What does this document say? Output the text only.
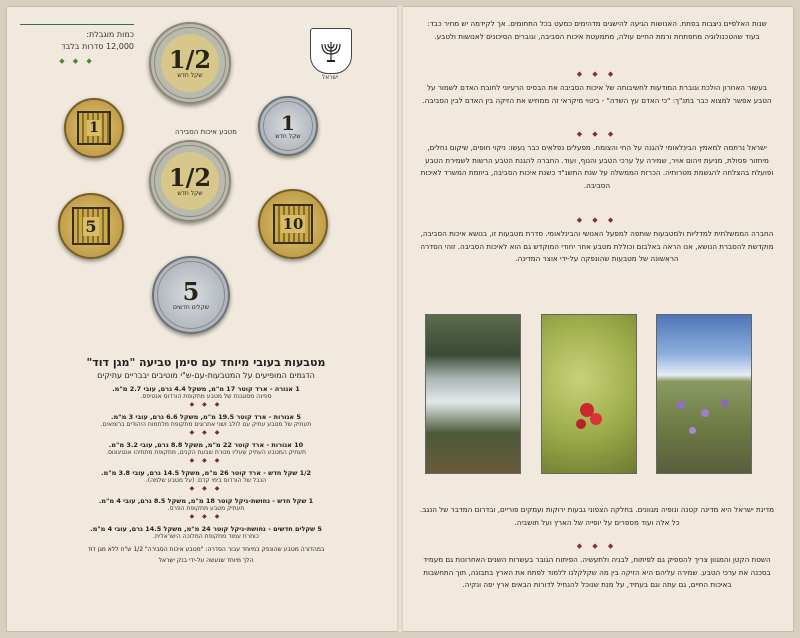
כמות מוגבלת:
12,000 סדרות בלבד
◆ ◆ ◆
ישראל
1/2
שקל חדש
1	1
שקל חדש
מטבע איכות הסבירה
1/2
שקל חדש
5	10
5
שקלים חדשים
מטבעות בעובי מיוחד עם סימן טביעה "מגן דוד"
הדגמים המופיעים על המטבעות-עם-ש"י מוטיבים יבבריים עתיקים
1 אגורה - ארד קוטר 17 מ"מ, משקל 4.4 גרם, עובי 2.7 מ"מ.
ספינה מסוגננת של מטבע מתקופת הורדוס אנטיפס.
◆ ◆ ◆
5 אגורות - ארד קוטר 19.5 מ"מ, משקל 6.6 גרם, עובי 3 מ"מ.
תעתיק של מטבע עתיק עם לולב ושני אתרוגים מתקופת מלחמות היהודים ברומאים.
◆ ◆ ◆
10 אגורות - ארד קוטר 22 מ"מ, משקל 8.8 גרם, עובי 3.2 מ"מ.
תעתיק המטבע העתיק שעליו מנורת שבעת הקנים, מתקופת מתתיהו אנטיגונוס.
◆ ◆ ◆
1/2 שקל חדש - ארד קוטר 26 מ"מ, משקל 14.5 גרם, עובי 3.8 מ"מ.
הנבל של הורדוס בימי קדם. (על מטבע שלמה).
◆ ◆ ◆
1 שקל חדש - נחושת-ניקל קוטר 18 מ"מ, משקל 8.5 גרם, עובי 4 מ"מ.
תעתיק מטבע מתקופת הפרס.
◆ ◆ ◆
5 שקלים חדשים - נחושת-ניקל קוטר 24 מ"מ, משקל 14.5 גרם, עובי 4 מ"מ.
כותרת עמוד מתקופת המלוכה הישראלית.
במהדורה מטבע שהונפק במיוחד עבור הסדרה: "מטבע איכות הסבירה" 1/2 ש"ח ללא מגן דוד
הלך מיוחד שנעשה על-ידי בנק ישראל
שנות האלפיים ניצבות בפתח. האנושות הגיעה להישגים מדהימים כמעט בכל התחומים. אך לקידמה יש מחיר כבד: בעוד שהטכנולוגיה מתפתחת ורמת החיים עולה, מתמעטת איכות הסביבה, וגוברים הסיכונים לאנושות ולטבע.
◆ ◆ ◆
בעשור האחרון הולכת וגוברת המודעות לחשיבותה של איכות הסביבה את הבסיס הרעיוני לחובת האדם לשמור על הטבע אפשר למצוא כבר בתנ"ך: "כי האדם עץ השדה" - ביטוי מיקראי זה ממחיש את הזיקה בין האדם לבין הסביבה.
◆ ◆ ◆
ישראל נרתמה למאמץ הבינלאומי להגנה על החי והצומח. מפעלים נפלאים כבר נעשו: ניקוי חופים, שיקום נחלים, מיחזור פסולת, מניעת זיהום אויר, שמירה על ערכי הטבע והנוף, ועוד. החברה להגנת הטבע הרשות לשמירת הטבע ופועלת בהצלחה להגשמת מטרותיה. הכרזת הממשלה על שנת התשנ"ד כשנת איכות הסביבה, ביוזמת המשרד לאיכות הסביבה.
◆ ◆ ◆
החברה הממשלתית למדליות ולמטבעות שותפה למפעל האנושי והבינלאומי. סדרת מטבעות זו, בנושא איכות הסביבה, מוקדשת להסברת הנושא, אנו הראה באלבום וכוללת מטבע אחר יחודי המוקדש גם הוא לאיכות הסביבה. זוהי הסדרה הראשונה של מטבעות שהונפקה על-ידי אוצר המדינה.
מדינת ישראל היא מדינה קטנה ונופיה מגוונים. בחלקה הצפוני גבעות ירוקות ועמקים פוריים, ובדרום המדבר של הנגב. כל אלה ועוד מספרים על יופייה של הארץ ועל תושביה.
◆ ◆ ◆
השטח הקטן והמגוון צריך להספיק גם לפיתוח, לבניה ולתעשיה. הפיתוח הגובר בעשרות השנים האחרונות גם מעמיד בסכנה את ערכי הטבע. שמירה עליהם היא הזיקה בין מה שקלקלנו ללמוד לפתח את הארץ בתבונה, תוך התחשבות באיכות החיים, גם עתה וגם בעתיד, על מנת שנוכל להנחיל לדורות הבאים ארץ יפה ונקיה.
